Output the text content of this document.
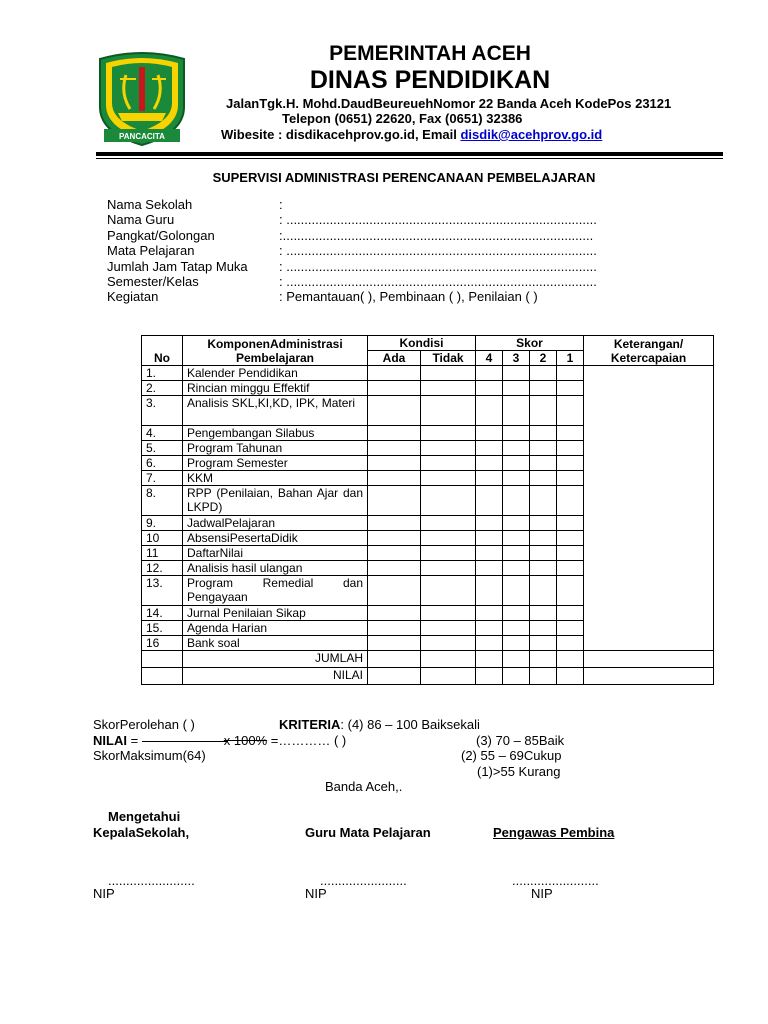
PANCACITA
PEMERINTAH ACEH
DINAS PENDIDIKAN
JalanTgk.H. Mohd.DaudBeureuehNomor 22 Banda Aceh KodePos 23121
Telepon (0651) 22620, Fax (0651) 32386
Wibesite : disdikacehprov.go.id, Email disdik@acehprov.go.id
SUPERVISI ADMINISTRASI PERENCANAAN PEMBELAJARAN
Nama Sekolah	:
Nama Guru	: ......................................................................................
Pangkat/Golongan	:......................................................................................
Mata Pelajaran	: ......................................................................................
Jumlah Jam Tatap Muka : ......................................................................................
Semester/Kelas	: ......................................................................................
Kegiatan	: Pemantauan( ), Pembinaan ( ), Penilaian ( )
No	KomponenAdministrasi Pembelajaran	Kondisi		Skor				Keterangan/ Ketercapaian
		Ada	Tidak	4	3	2	1	
1.	Kalender Pendidikan							
2.	Rincian minggu Effektif							
3.	Analisis SKL,KI,KD, IPK, Materi							
4.	Pengembangan Silabus							
5.	Program Tahunan							
6.	Program Semester							
7.	KKM							
8.	RPP (Penilaian, Bahan Ajar dan LKPD)							
9.	JadwalPelajaran							
10	AbsensiPesertaDidik							
11	DaftarNilai							
12.	Analisis hasil ulangan							
13.	Program Remedial dan Pengayaan							
14.	Jurnal Penilaian Sikap							
15.	Agenda Harian							
16	Bank soal							
	JUMLAH							
	NILAI							
SkorPerolehan ( )
NILAI =	x 100% =………… ( )
SkorMaksimum(64)
KRITERIA: (4) 86 – 100 Baiksekali
(3) 70 – 85Baik
(2) 55 – 69Cukup
(1)>55 Kurang
Banda Aceh,.
Mengetahui
KepalaSekolah,	Guru Mata Pelajaran	Pengawas Pembina
........................	........................	........................
NIP	NIP	NIP
